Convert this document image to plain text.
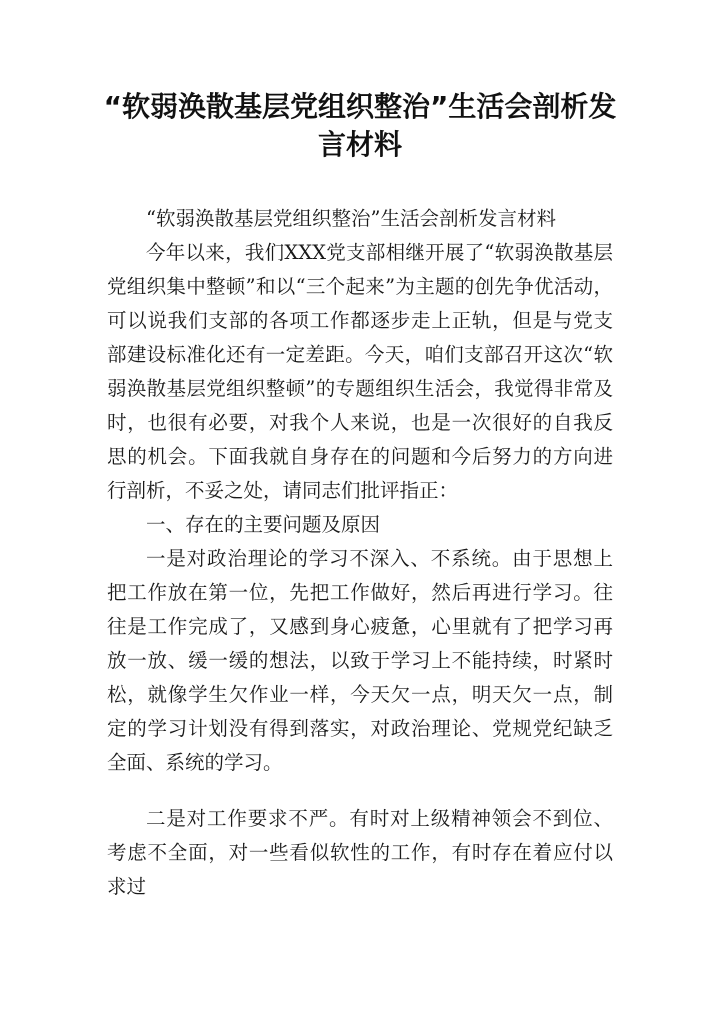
“软弱涣散基层党组织整治”生活会剖析发言材料

“软弱涣散基层党组织整治”生活会剖析发言材料

今年以来，我们XXX党支部相继开展了“软弱涣散基层党组织集中整顿”和以“三个起来”为主题的创先争优活动，可以说我们支部的各项工作都逐步走上正轨，但是与党支部建设标准化还有一定差距。今天，咱们支部召开这次“软弱涣散基层党组织整顿”的专题组织生活会，我觉得非常及时，也很有必要，对我个人来说，也是一次很好的自我反思的机会。下面我就自身存在的问题和今后努力的方向进行剖析，不妥之处，请同志们批评指正：

一、存在的主要问题及原因

一是对政治理论的学习不深入、不系统。由于思想上把工作放在第一位，先把工作做好，然后再进行学习。往往是工作完成了，又感到身心疲惫，心里就有了把学习再放一放、缓一缓的想法，以致于学习上不能持续，时紧时松，就像学生欠作业一样，今天欠一点，明天欠一点，制定的学习计划没有得到落实，对政治理论、党规党纪缺乏全面、系统的学习。

二是对工作要求不严。有时对上级精神领会不到位、考虑不全面，对一些看似软性的工作，有时存在着应付以求过
